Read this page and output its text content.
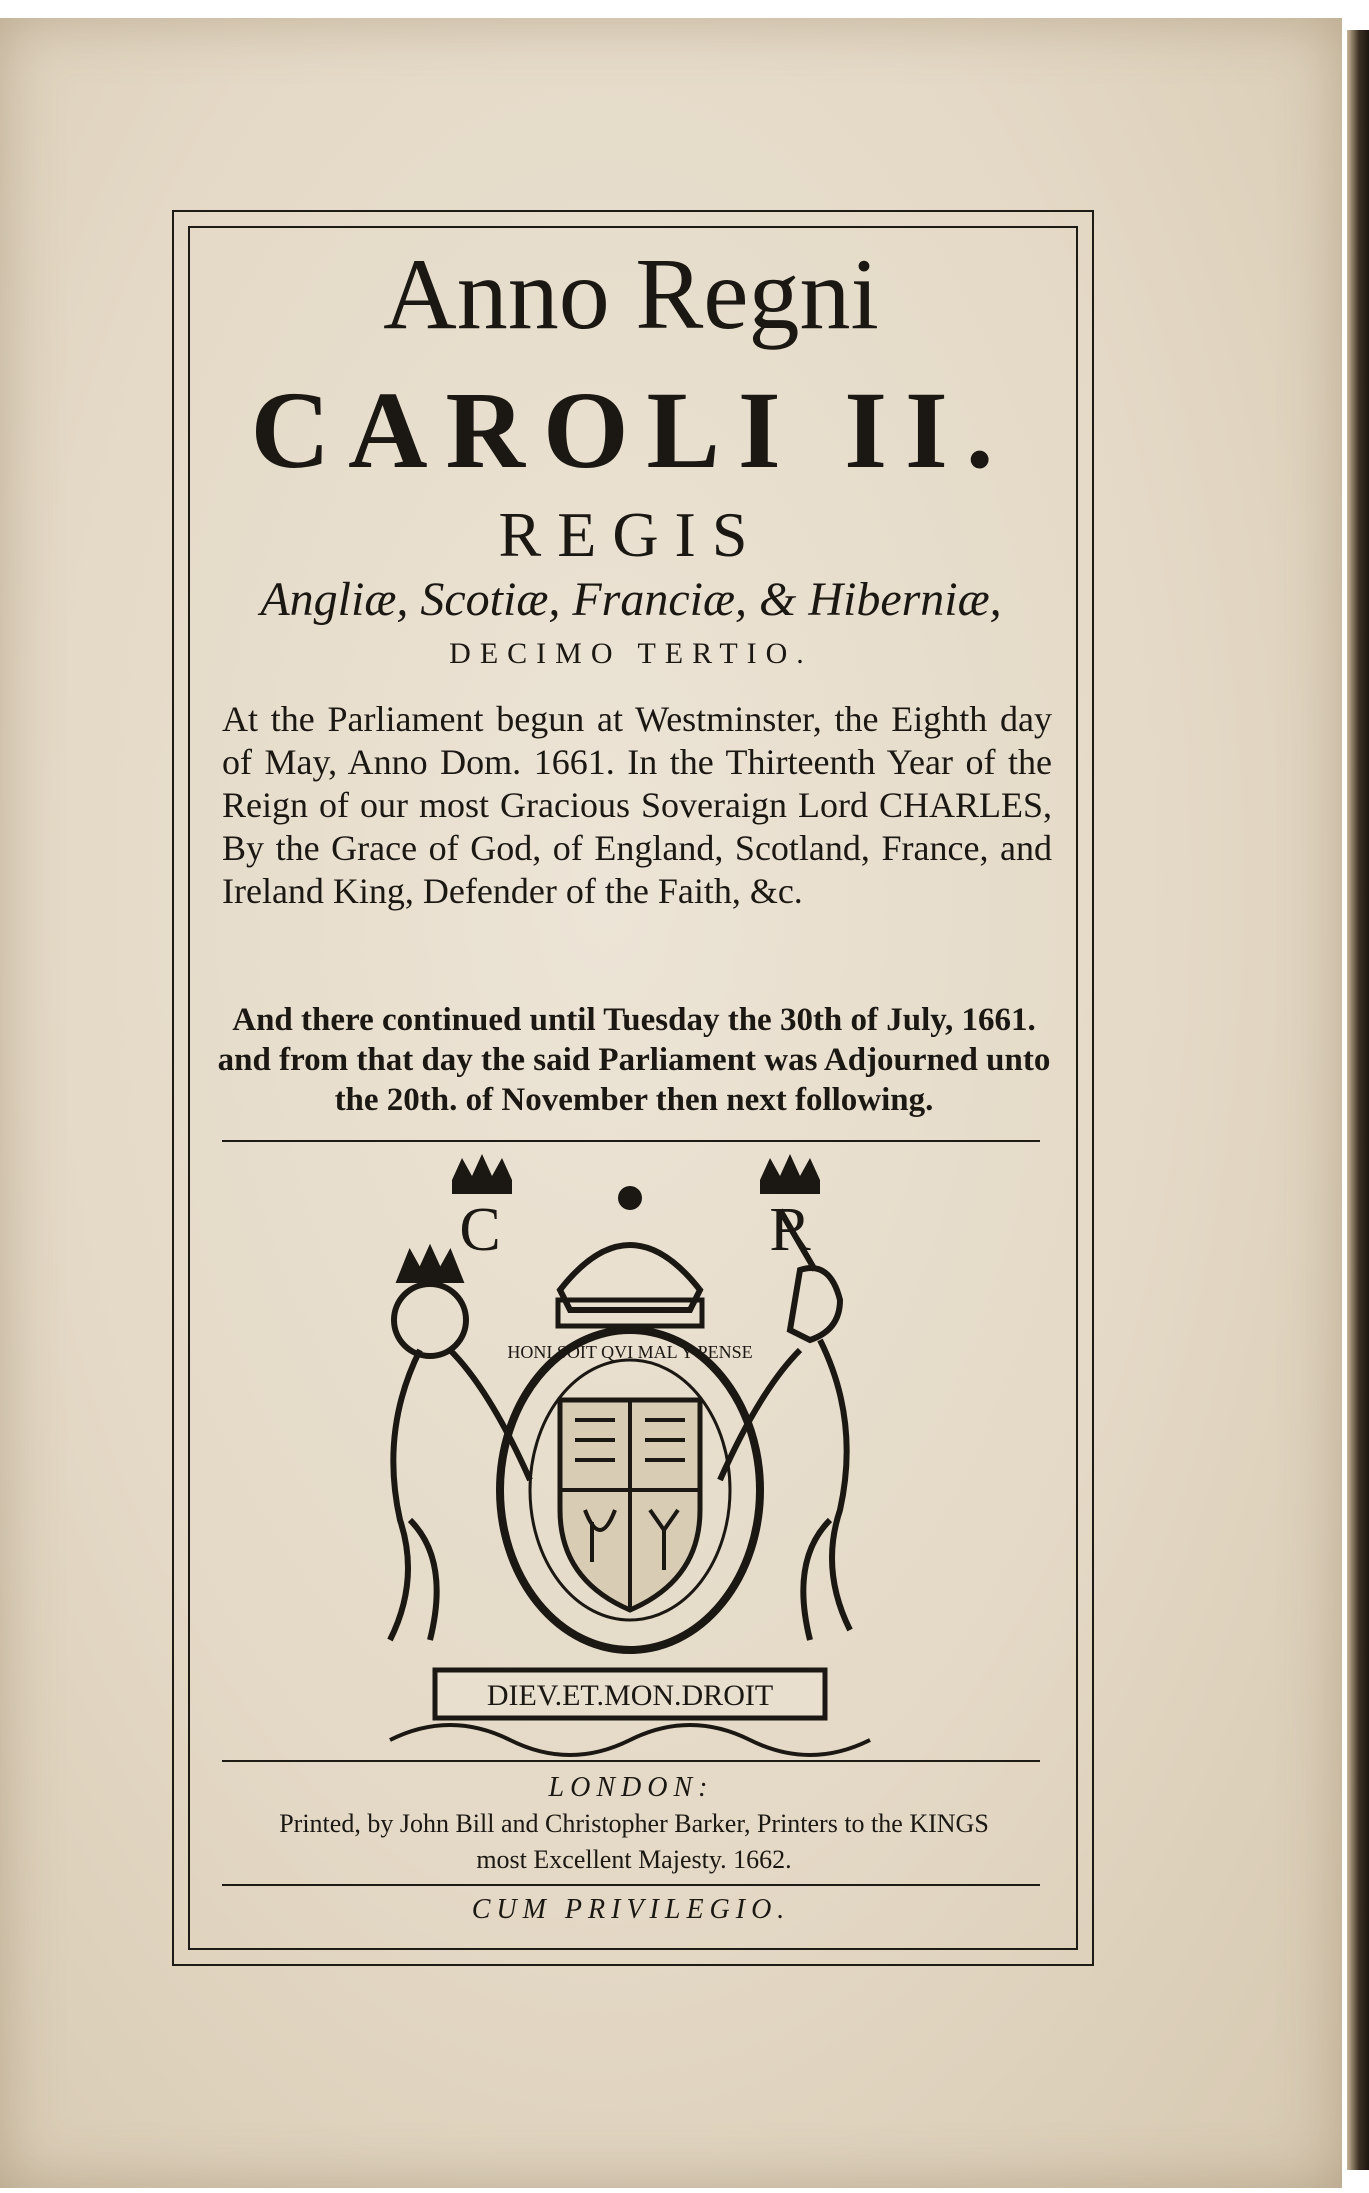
Anno Regni
CAROLI II.
REGIS
Angliæ, Scotiæ, Franciæ, & Hiberniæ,
DECIMO TERTIO.
At the Parliament begun at Westminster, the Eighth day of May, Anno Dom. 1661. In the Thirteenth Year of the Reign of our most Gracious Soveraign Lord CHARLES, By the Grace of God, of England, Scotland, France, and Ireland King, Defender of the Faith, &c.
And there continued until Tuesday the 30th of July, 1661. and from that day the said Parliament was Adjourned unto the 20th. of November then next following.
C	R
HONI SOIT QVI MAL Y PENSE
DIEV.ET.MON.DROIT
LONDON:
Printed, by John Bill and Christopher Barker, Printers to the KINGS
most Excellent Majesty. 1662.
CUM PRIVILEGIO.
